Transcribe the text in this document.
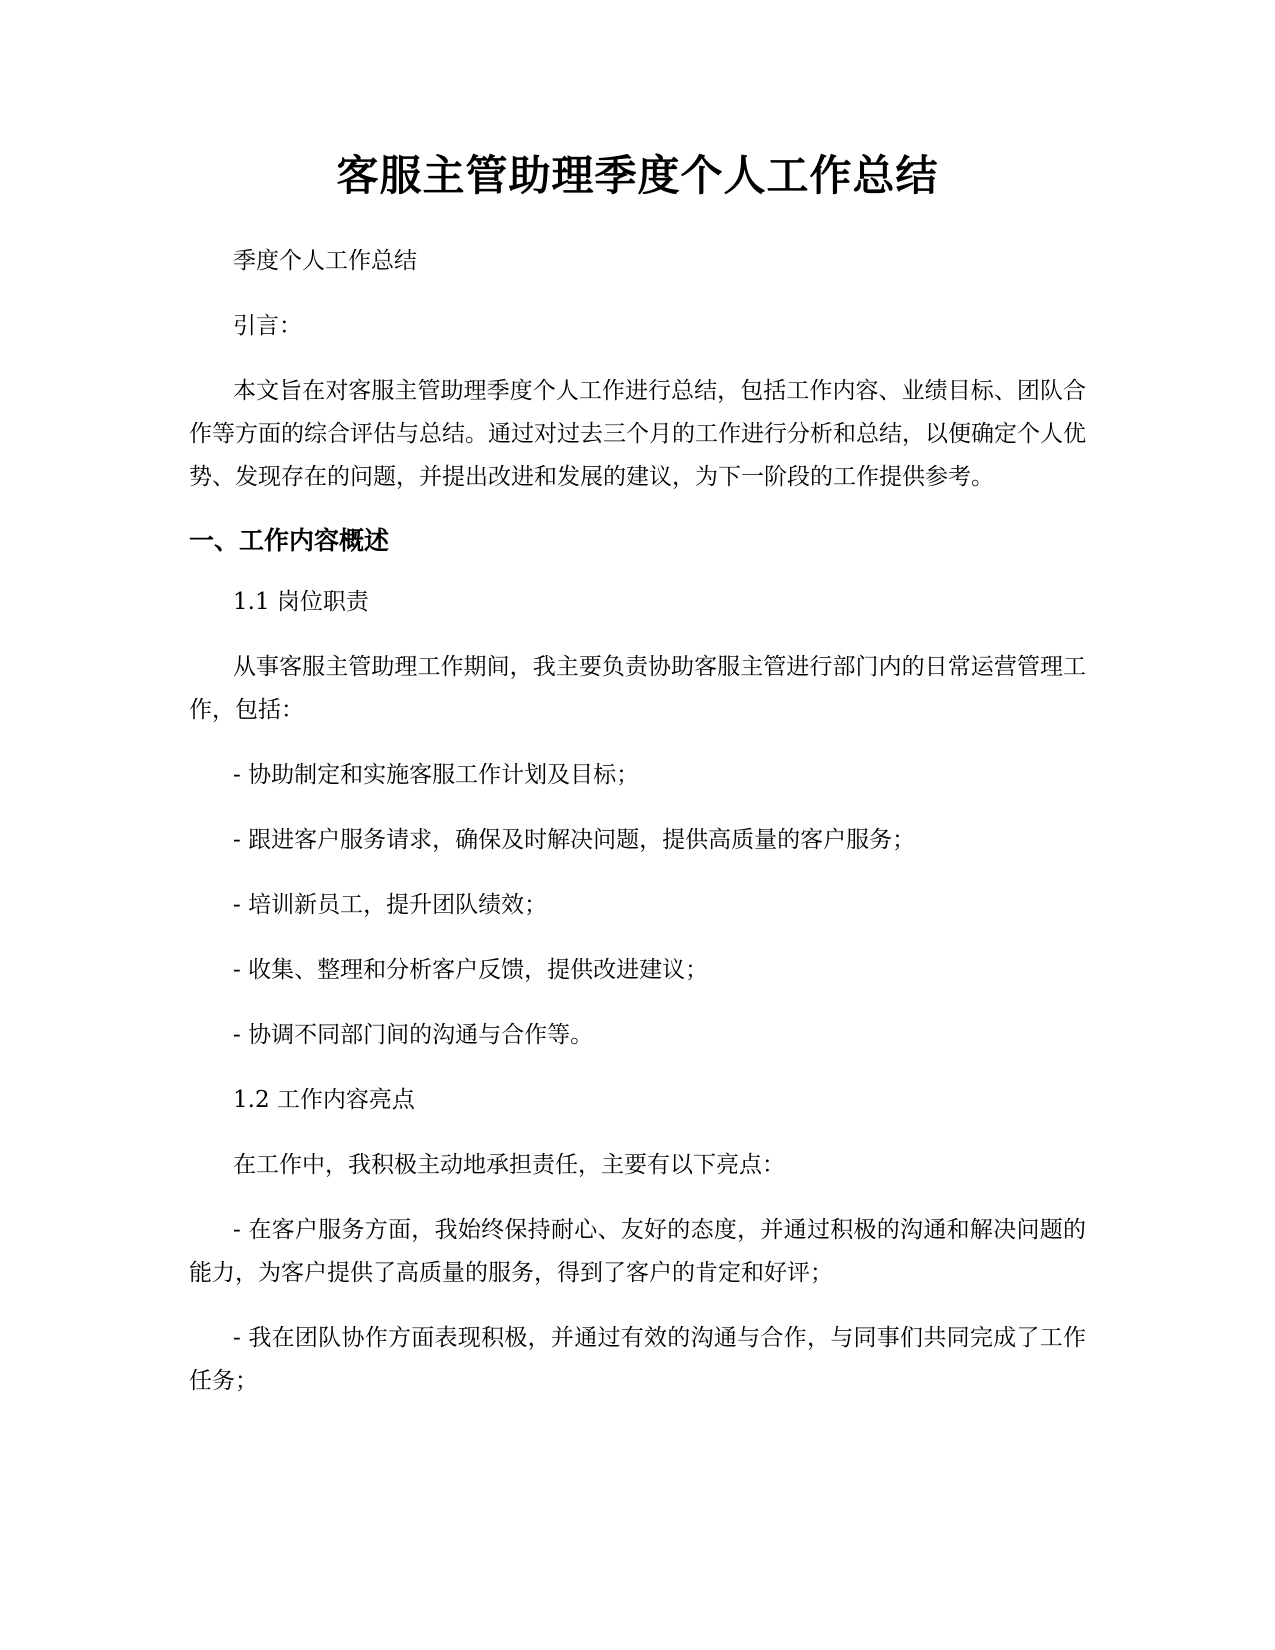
客服主管助理季度个人工作总结

季度个人工作总结

引言：

本文旨在对客服主管助理季度个人工作进行总结，包括工作内容、业绩目标、团队合作等方面的综合评估与总结。通过对过去三个月的工作进行分析和总结，以便确定个人优势、发现存在的问题，并提出改进和发展的建议，为下一阶段的工作提供参考。

一、工作内容概述

1.1 岗位职责

从事客服主管助理工作期间，我主要负责协助客服主管进行部门内的日常运营管理工作，包括：

- 协助制定和实施客服工作计划及目标；

- 跟进客户服务请求，确保及时解决问题，提供高质量的客户服务；

- 培训新员工，提升团队绩效；

- 收集、整理和分析客户反馈，提供改进建议；

- 协调不同部门间的沟通与合作等。

1.2 工作内容亮点

在工作中，我积极主动地承担责任，主要有以下亮点：

- 在客户服务方面，我始终保持耐心、友好的态度，并通过积极的沟通和解决问题的能力，为客户提供了高质量的服务，得到了客户的肯定和好评；

- 我在团队协作方面表现积极，并通过有效的沟通与合作，与同事们共同完成了工作任务；
